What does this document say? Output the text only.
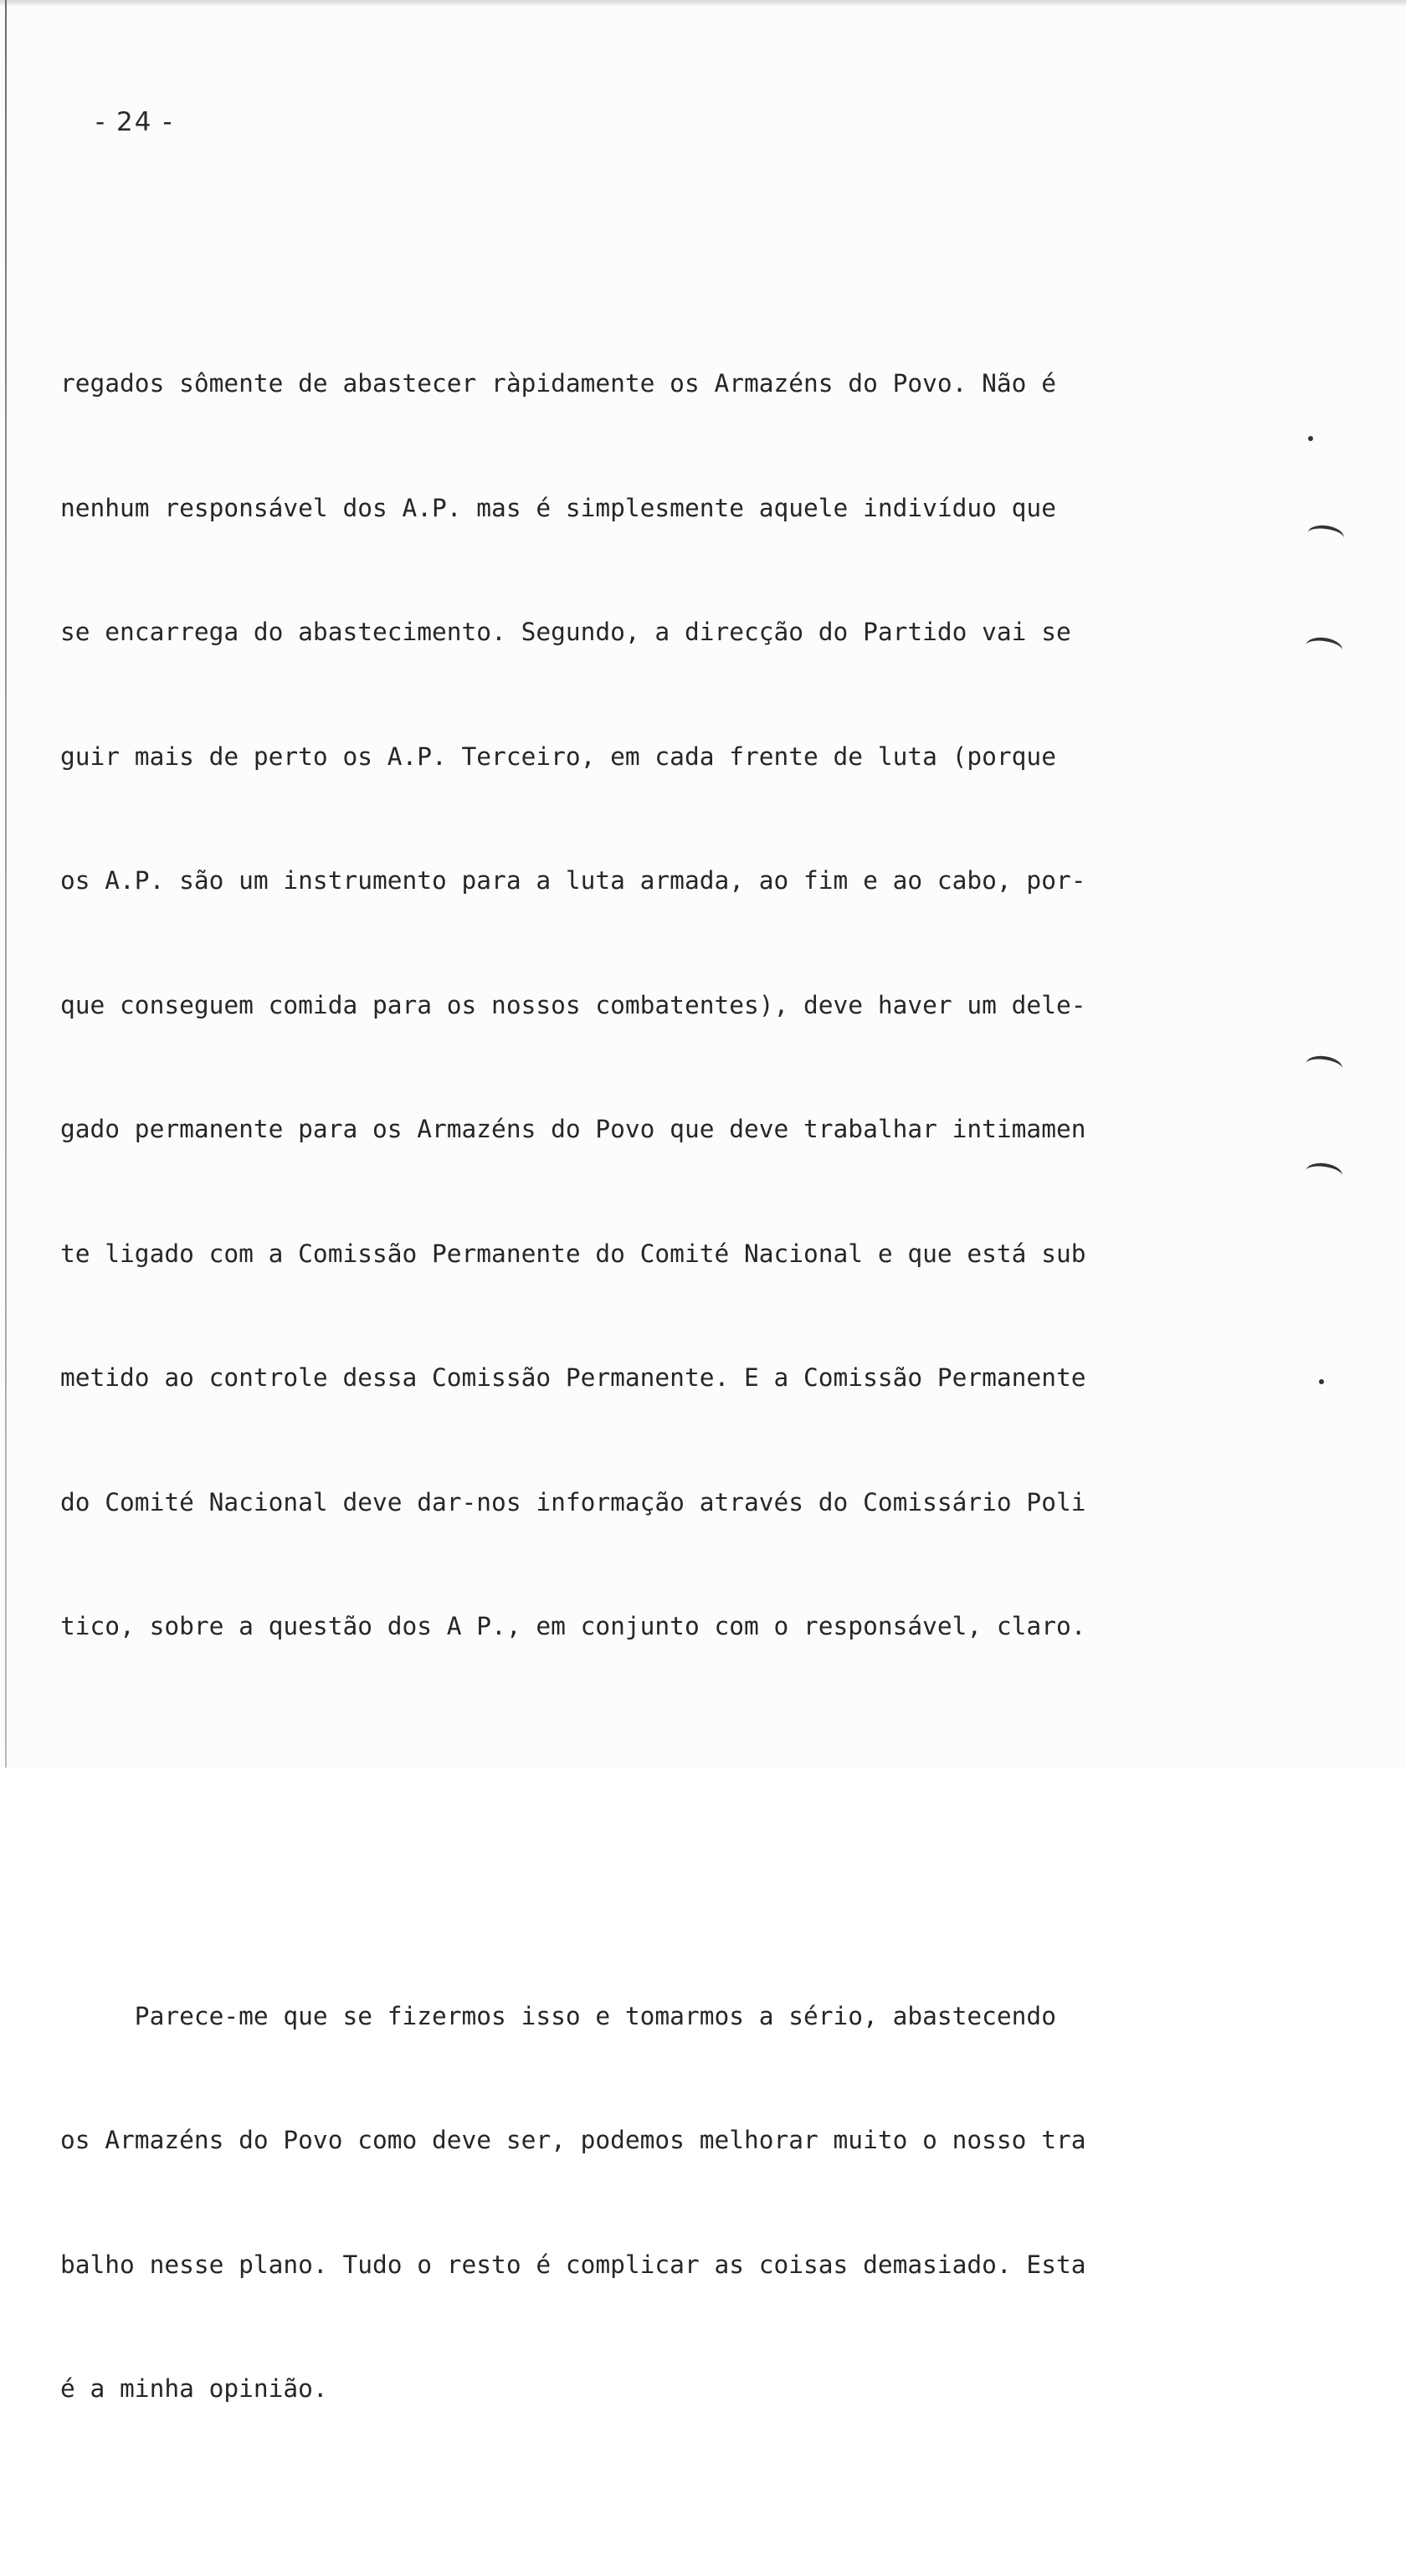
- 24 -

regados sômente de abastecer ràpidamente os Armazéns do Povo. Não é

nenhum responsável dos A.P. mas é simplesmente aquele indivíduo que

se encarrega do abastecimento. Segundo, a direcção do Partido vai se

guir mais de perto os A.P. Terceiro, em cada frente de luta (porque

os A.P. são um instrumento para a luta armada, ao fim e ao cabo, por-

que conseguem comida para os nossos combatentes), deve haver um dele-

gado permanente para os Armazéns do Povo que deve trabalhar intimamen

te ligado com a Comissão Permanente do Comité Nacional e que está sub

metido ao controle dessa Comissão Permanente. E a Comissão Permanente

do Comité Nacional deve dar-nos informação através do Comissário Poli

tico, sobre a questão dos A P., em conjunto com o responsável, claro.

Parece-me que se fizermos isso e tomarmos a sério, abastecendo

os Armazéns do Povo como deve ser, podemos melhorar muito o nosso tra

balho nesse plano. Tudo o resto é complicar as coisas demasiado. Esta

é a minha opinião.
